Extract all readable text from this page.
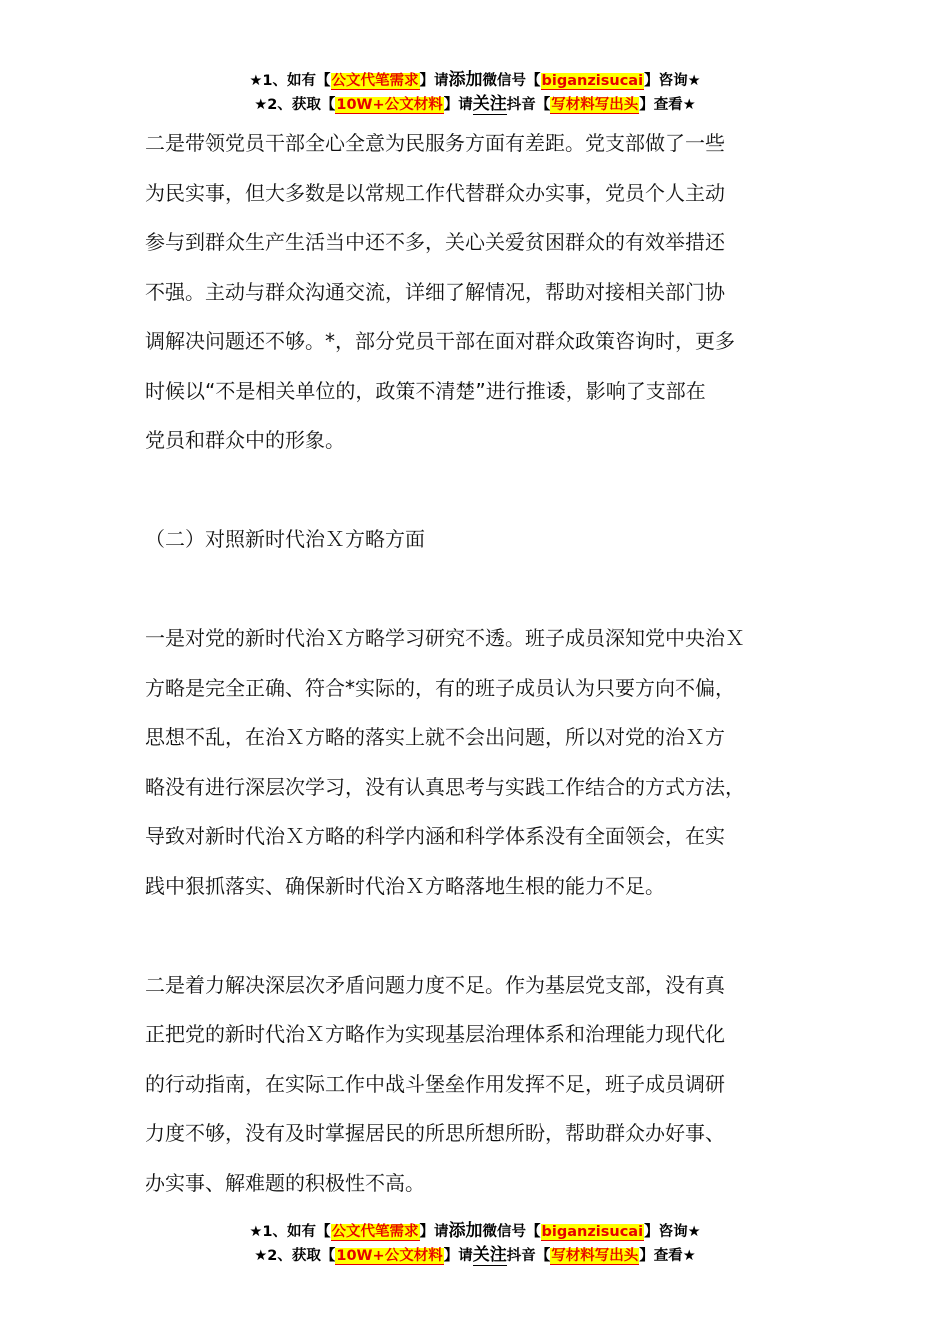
★1、如有【公文代笔需求】请添加微信号【biganzisucai】咨询★
★2、获取【10W+公文材料】请关注抖音【写材料写出头】查看★

二是带领党员干部全心全意为民服务方面有差距。党支部做了一些
为民实事，但大多数是以常规工作代替群众办实事，党员个人主动
参与到群众生产生活当中还不多，关心关爱贫困群众的有效举措还
不强。主动与群众沟通交流，详细了解情况，帮助对接相关部门协
调解决问题还不够。*，部分党员干部在面对群众政策咨询时，更多
时候以“不是相关单位的，政策不清楚”进行推诿，影响了支部在
党员和群众中的形象。

（二）对照新时代治Ｘ方略方面

一是对党的新时代治Ｘ方略学习研究不透。班子成员深知党中央治Ｘ
方略是完全正确、符合*实际的，有的班子成员认为只要方向不偏，
思想不乱，在治Ｘ方略的落实上就不会出问题，所以对党的治Ｘ方
略没有进行深层次学习，没有认真思考与实践工作结合的方式方法，
导致对新时代治Ｘ方略的科学内涵和科学体系没有全面领会，在实
践中狠抓落实、确保新时代治Ｘ方略落地生根的能力不足。

二是着力解决深层次矛盾问题力度不足。作为基层党支部，没有真
正把党的新时代治Ｘ方略作为实现基层治理体系和治理能力现代化
的行动指南，在实际工作中战斗堡垒作用发挥不足，班子成员调研
力度不够，没有及时掌握居民的所思所想所盼，帮助群众办好事、
办实事、解难题的积极性不高。

★1、如有【公文代笔需求】请添加微信号【biganzisucai】咨询★
★2、获取【10W+公文材料】请关注抖音【写材料写出头】查看★
